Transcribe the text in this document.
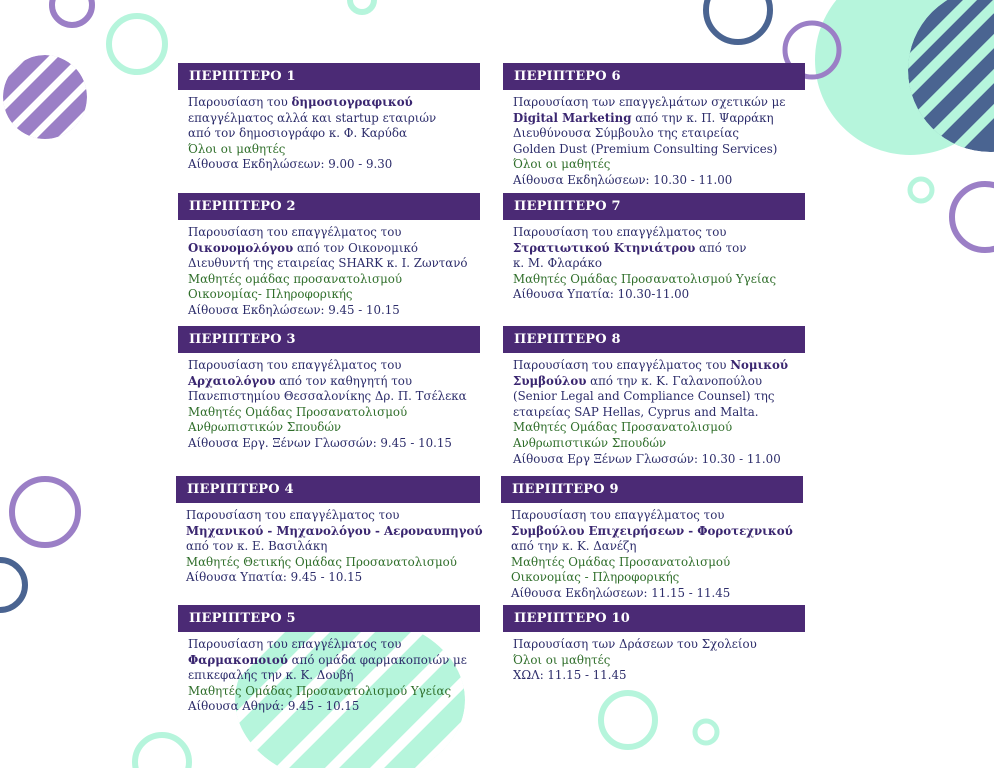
ΠΕΡΙΠΤΕΡΟ 1
Παρουσίαση του δημοσιογραφικού
επαγγέλματος αλλά και startup εταιριών
από τον δημοσιογράφο κ. Φ. Καρύδα
Όλοι οι μαθητές
Αίθουσα Εκδηλώσεων: 9.00 - 9.30
ΠΕΡΙΠΤΕΡΟ 2
Παρουσίαση του επαγγέλματος του
Οικονομολόγου από τον Οικονομικό
Διευθυντή της εταιρείας SHARK κ. Ι. Ζωντανό
Μαθητές ομάδας προσανατολισμού
Οικονομίας- Πληροφορικής
Αίθουσα Εκδηλώσεων: 9.45 - 10.15
ΠΕΡΙΠΤΕΡΟ 3
Παρουσίαση του επαγγέλματος του
Αρχαιολόγου από τον καθηγητή του
Πανεπιστημίου Θεσσαλονίκης Δρ. Π. Τσέλεκα
Μαθητές Ομάδας Προσανατολισμού
Ανθρωπιστικών Σπουδών
Αίθουσα Εργ. Ξένων Γλωσσών: 9.45 - 10.15
ΠΕΡΙΠΤΕΡΟ 4
Παρουσίαση του επαγγέλματος του
Μηχανικού - Μηχανολόγου - Αεροναυπηγού
από τον κ. Ε. Βασιλάκη
Μαθητές Θετικής Ομάδας Προσανατολισμού
Αίθουσα Υπατία: 9.45 - 10.15
ΠΕΡΙΠΤΕΡΟ 5
Παρουσίαση του επαγγέλματος του
Φαρμακοποιού από ομάδα φαρμακοποιών με
επικεφαλής την κ. Κ. Δουβή
Μαθητές Ομάδας Προσανατολισμού Υγείας
Αίθουσα Αθηνά: 9.45 - 10.15
ΠΕΡΙΠΤΕΡΟ 6
Παρουσίαση των επαγγελμάτων σχετικών με
Digital Marketing από την κ. Π. Ψαρράκη
Διευθύνουσα Σύμβουλο της εταιρείας
Golden Dust (Premium Consulting Services)
Όλοι οι μαθητές
Αίθουσα Εκδηλώσεων: 10.30 - 11.00
ΠΕΡΙΠΤΕΡΟ 7
Παρουσίαση του επαγγέλματος του
Στρατιωτικού Κτηνιάτρου από τον
κ. Μ. Φλαράκο
Μαθητές Ομάδας Προσανατολισμού Υγείας
Αίθουσα Υπατία: 10.30-11.00
ΠΕΡΙΠΤΕΡΟ 8
Παρουσίαση του επαγγέλματος του Νομικού
Συμβούλου από την κ. Κ. Γαλανοπούλου
(Senior Legal and Compliance Counsel) της
εταιρείας SAP Hellas, Cyprus and Malta.
Μαθητές Ομάδας Προσανατολισμού
Ανθρωπιστικών Σπουδών
Αίθουσα Εργ Ξένων Γλωσσών: 10.30 - 11.00
ΠΕΡΙΠΤΕΡΟ 9
Παρουσίαση του επαγγέλματος του
Συμβούλου Επιχειρήσεων - Φοροτεχνικού
από την κ. Κ. Δανέζη
Μαθητές Ομάδας Προσανατολισμού
Οικονομίας - Πληροφορικής
Αίθουσα Εκδηλώσεων: 11.15 - 11.45
ΠΕΡΙΠΤΕΡΟ 10
Παρουσίαση των Δράσεων του Σχολείου
Όλοι οι μαθητές
ΧΩΛ: 11.15 - 11.45
